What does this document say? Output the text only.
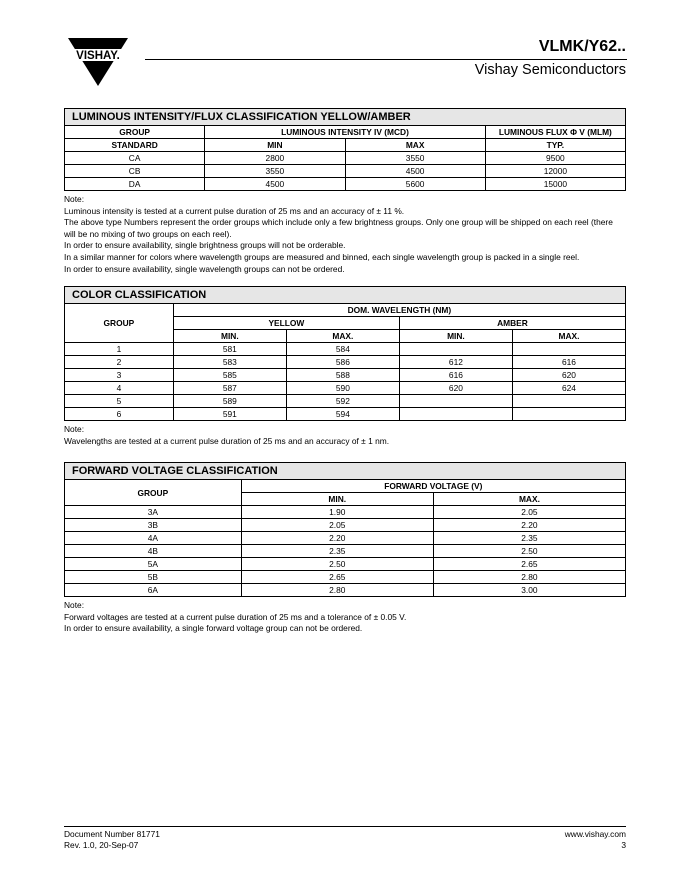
VISHAY.
VLMK/Y62..
Vishay Semiconductors
LUMINOUS INTENSITY/FLUX CLASSIFICATION YELLOW/AMBER			
GROUP	LUMINOUS INTENSITY IV (MCD)		LUMINOUS FLUX Φ V (MLM)
STANDARD	MIN	MAX	TYP.
CA	2800	3550	9500
CB	3550	4500	12000
DA	4500	5600	15000

Note:

Luminous intensity is tested at a current pulse duration of 25 ms and an accuracy of ± 11 %.

The above type Numbers represent the order groups which include only a few brightness groups. Only one group will be shipped on each reel (there will be no mixing of two groups on each reel).

In order to ensure availability, single brightness groups will not be orderable.

In a similar manner for colors where wavelength groups are measured and binned, each single wavelength group is packed in a single reel.

In order to ensure availability, single wavelength groups can not be ordered.

COLOR CLASSIFICATION				
GROUP	DOM. WAVELENGTH (NM)			
	YELLOW		AMBER	
	MIN.	MAX.	MIN.	MAX.
1	581	584		
2	583	586	612	616
3	585	588	616	620
4	587	590	620	624
5	589	592		
6	591	594		

Note:

Wavelengths are tested at a current pulse duration of 25 ms and an accuracy of ± 1 nm.

FORWARD VOLTAGE CLASSIFICATION		
GROUP	FORWARD VOLTAGE (V)	
	MIN.	MAX.
3A	1.90	2.05
3B	2.05	2.20
4A	2.20	2.35
4B	2.35	2.50
5A	2.50	2.65
5B	2.65	2.80
6A	2.80	3.00

Note:

Forward voltages are tested at a current pulse duration of 25 ms and a tolerance of ± 0.05 V.

In order to ensure availability, a single forward voltage group can not be ordered.

Document Number 81771

Rev. 1.0, 20-Sep-07

www.vishay.com

3
